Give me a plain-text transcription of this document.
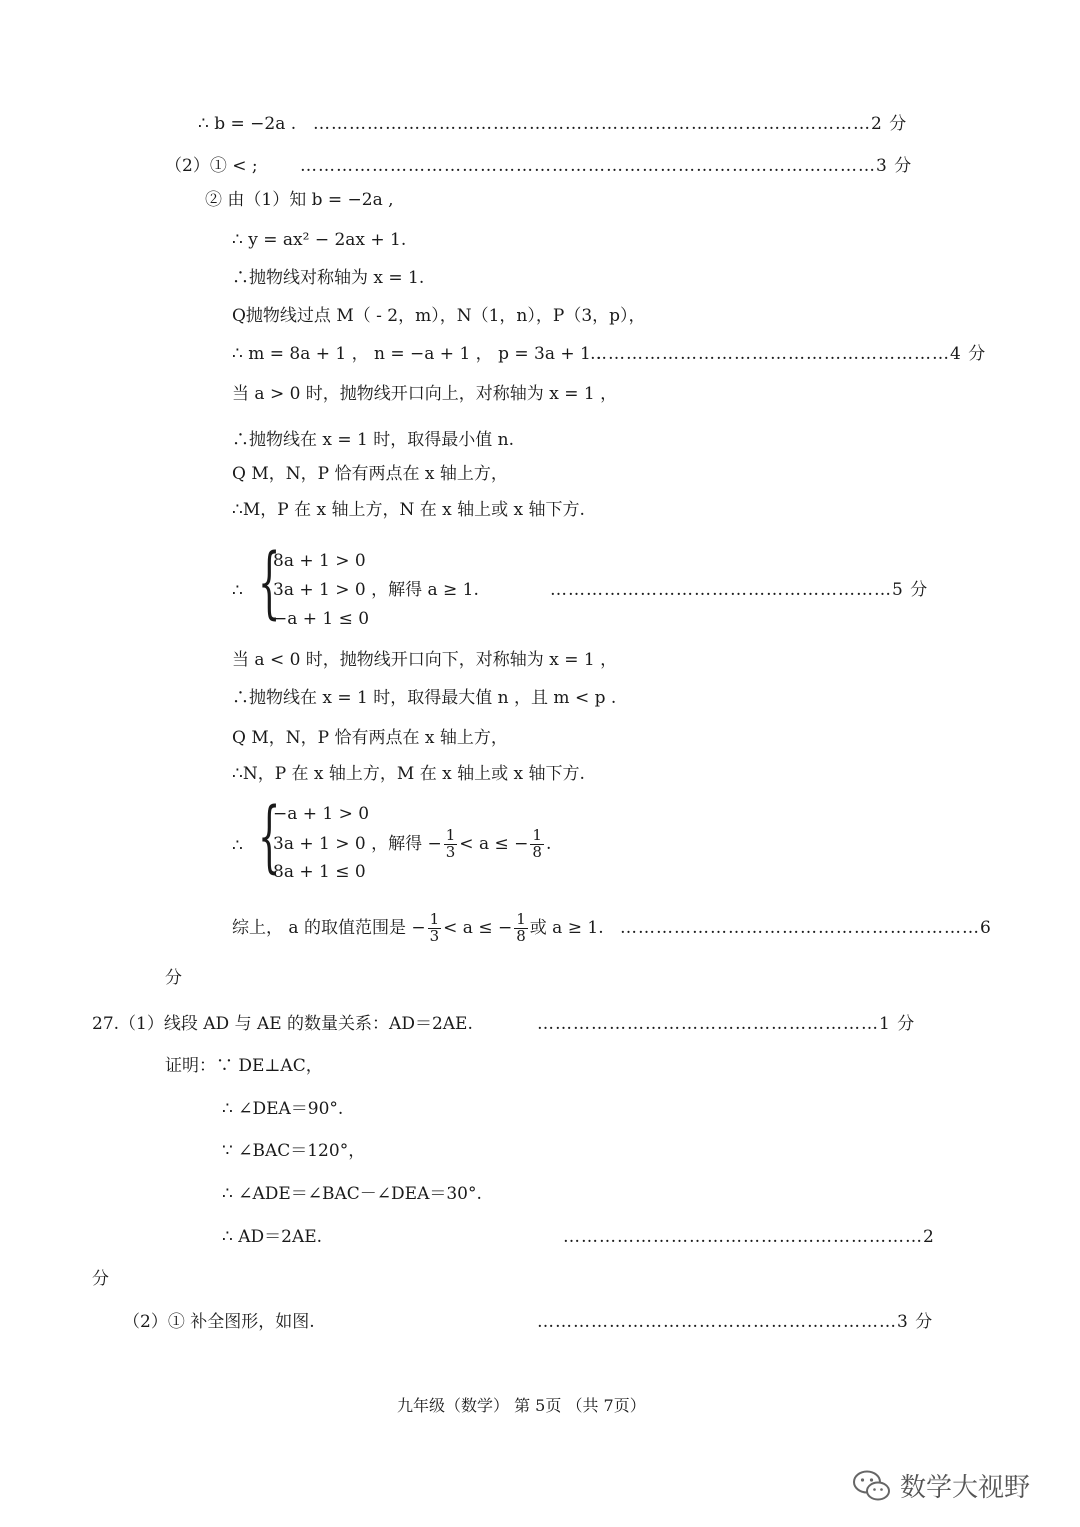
∴ b = −2a . …………………………………………………………………………………2 分
（2）① < ; ……………………………………………………………………………………3 分
② 由（1）知 b = −2a ,
∴ y = ax² − 2ax + 1.
∴抛物线对称轴为 x = 1.
Q抛物线过点 M（ - 2，m），N（1，n），P（3，p），
∴ m = 8a + 1 ， n = −a + 1 ， p = 3a + 1 .
……………………………………………………4 分
当 a > 0 时，抛物线开口向上，对称轴为 x = 1 ，
∴抛物线在 x = 1 时，取得最小值 n.
Q M，N，P 恰有两点在 x 轴上方，
∴M，P 在 x 轴上方，N 在 x 轴上或 x 轴下方.
∴ {
8a + 1 > 0
3a + 1 > 0 ，解得 a ≥ 1.
−a + 1 ≤ 0
…………………………………………………5 分
当 a < 0 时，抛物线开口向下，对称轴为 x = 1 ，
∴抛物线在 x = 1 时，取得最大值 n ，且 m < p .
Q M，N，P 恰有两点在 x 轴上方，
∴N，P 在 x 轴上方，M 在 x 轴上或 x 轴下方.
∴ {
−a + 1 > 0
3a + 1 > 0 ，解得 − $\frac{1}{3} < a$ ≤ − $\frac{1}{8}$ .
8a + 1 ≤ 0
综上， a 的取值范围是 − $\frac{1}{3} < a$ ≤ − $\frac{1}{8}$ 或 a ≥ 1. ……………………………………………………6
分
27.（1）线段 AD 与 AE 的数量关系：AD＝2AE.	…………………………………………………1 分
证明：∵ DE⊥AC，
∴ ∠DEA＝90°.
∵ ∠BAC＝120°，
∴ ∠ADE＝∠BAC－∠DEA＝30°.
∴ AD＝2AE.	……………………………………………………2
分
（2）① 补全图形，如图.	……………………………………………………3 分
九年级（数学） 第 5页 （共 7页）
数学大视野
